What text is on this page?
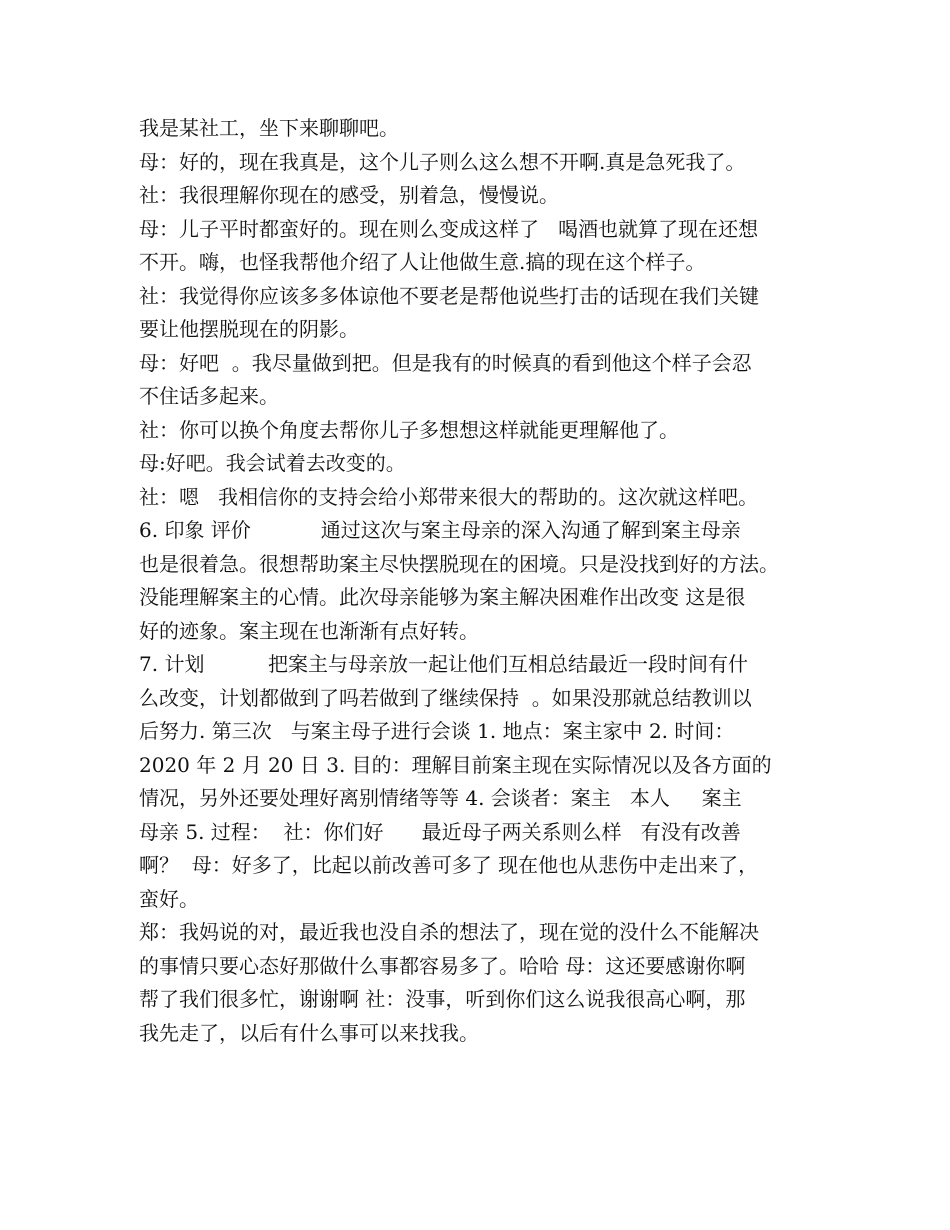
我是某社工，坐下来聊聊吧。
母：好的，现在我真是，这个儿子则么这么想不开啊.真是急死我了。
社：我很理解你现在的感受，别着急，慢慢说。
母：儿子平时都蛮好的。现在则么变成这样了   喝酒也就算了现在还想
不开。嗨，也怪我帮他介绍了人让他做生意.搞的现在这个样子。
社：我觉得你应该多多体谅他不要老是帮他说些打击的话现在我们关键
要让他摆脱现在的阴影。
母：好吧  。我尽量做到把。但是我有的时候真的看到他这个样子会忍
不住话多起来。
社：你可以换个角度去帮你儿子多想想这样就能更理解他了。
母:好吧。我会试着去改变的。
社：嗯   我相信你的支持会给小郑带来很大的帮助的。这次就这样吧。
6. 印象 评价           通过这次与案主母亲的深入沟通了解到案主母亲
也是很着急。很想帮助案主尽快摆脱现在的困境。只是没找到好的方法。
没能理解案主的心情。此次母亲能够为案主解决困难作出改变 这是很
好的迹象。案主现在也渐渐有点好转。
7. 计划          把案主与母亲放一起让他们互相总结最近一段时间有什
么改变，计划都做到了吗若做到了继续保持  。如果没那就总结教训以
后努力. 第三次   与案主母子进行会谈 1. 地点：案主家中 2. 时间：
2020 年 2 月 20 日 3. 目的：理解目前案主现在实际情况以及各方面的
情况，另外还要处理好离别情绪等等 4. 会谈者：案主   本人     案主
母亲 5. 过程：  社：你们好      最近母子两关系则么样   有没有改善
啊？  母：好多了，比起以前改善可多了 现在他也从悲伤中走出来了，
蛮好。
郑：我妈说的对，最近我也没自杀的想法了，现在觉的没什么不能解决
的事情只要心态好那做什么事都容易多了。哈哈 母：这还要感谢你啊
帮了我们很多忙，谢谢啊 社：没事，听到你们这么说我很高心啊，那
我先走了，以后有什么事可以来找我。
